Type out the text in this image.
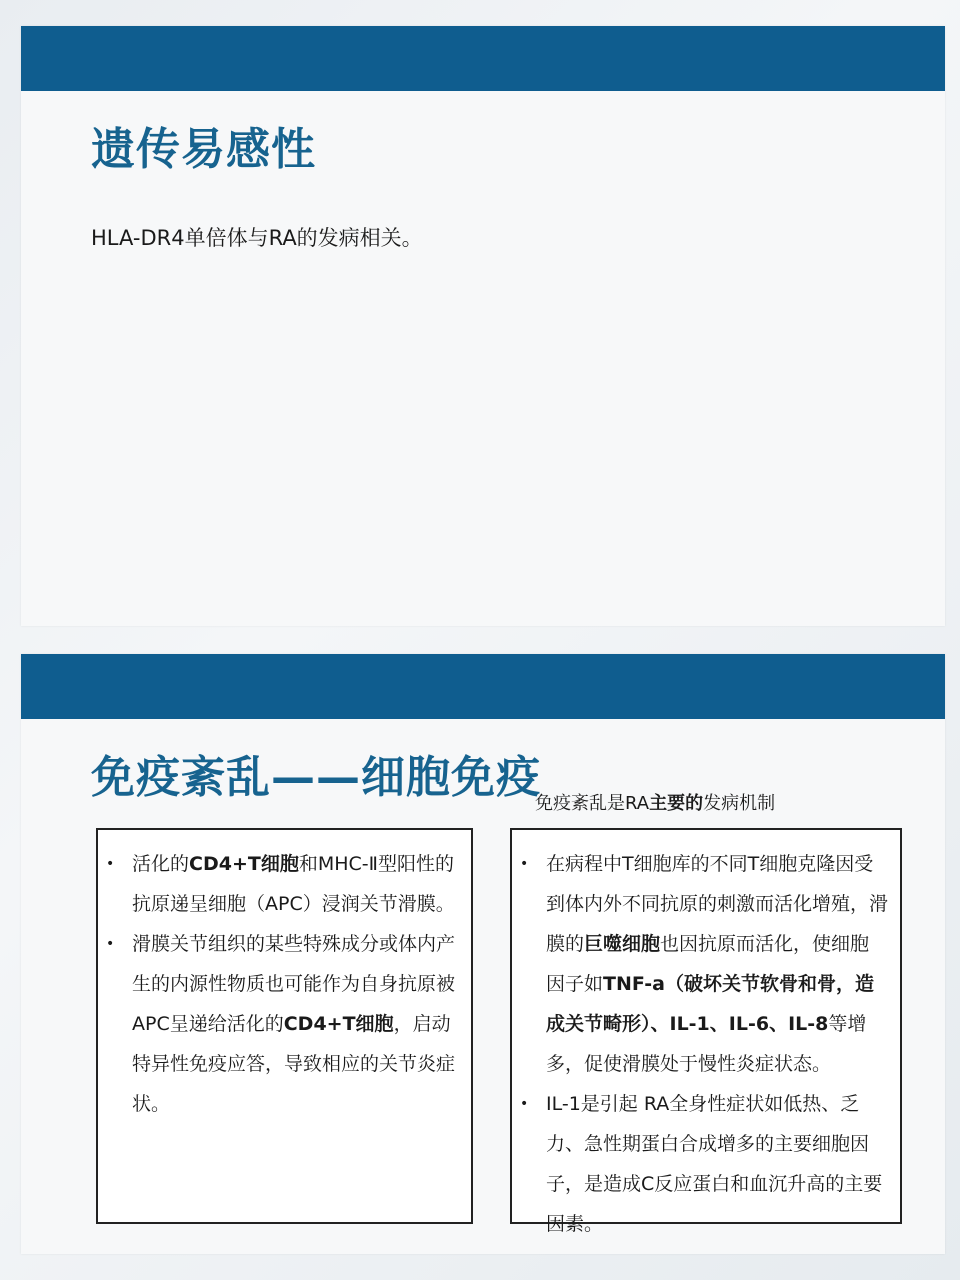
遗传易感性
HLA-DR4单倍体与RA的发病相关。
免疫紊乱——细胞免疫
免疫紊乱是RA主要的发病机制
• 活化的CD4+T细胞和MHC-Ⅱ型阳性的抗原递呈细胞（APC）浸润关节滑膜。
• 滑膜关节组织的某些特殊成分或体内产生的内源性物质也可能作为自身抗原被APC呈递给活化的CD4+T细胞，启动特异性免疫应答，导致相应的关节炎症状。
• 在病程中T细胞库的不同T细胞克隆因受到体内外不同抗原的刺激而活化增殖，滑膜的巨噬细胞也因抗原而活化，使细胞因子如TNF-a（破坏关节软骨和骨，造成关节畸形）、IL-1、IL-6、IL-8等增多，促使滑膜处于慢性炎症状态。
• IL-1是引起 RA全身性症状如低热、乏力、急性期蛋白合成增多的主要细胞因子，是造成C反应蛋白和血沉升高的主要因素。
